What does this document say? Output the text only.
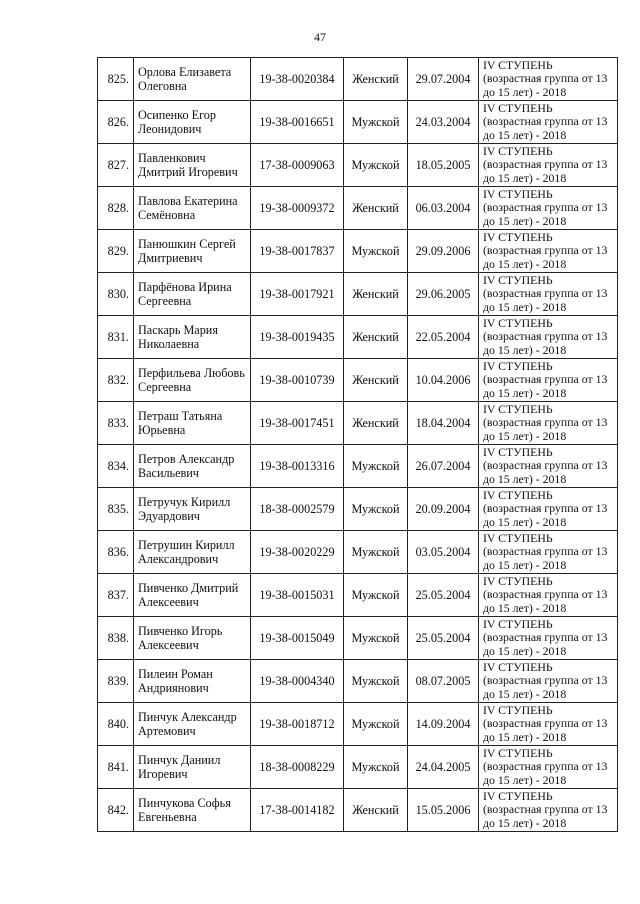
47
825.	Орлова Елизавета Олеговна	19-38-0020384	Женский	29.07.2004	IV СТУПЕНЬ (возрастная группа от 13 до 15 лет) - 2018
826.	Осипенко Егор Леонидович	19-38-0016651	Мужской	24.03.2004	IV СТУПЕНЬ (возрастная группа от 13 до 15 лет) - 2018
827.	Павленкович Дмитрий Игоревич	17-38-0009063	Мужской	18.05.2005	IV СТУПЕНЬ (возрастная группа от 13 до 15 лет) - 2018
828.	Павлова Екатерина Семёновна	19-38-0009372	Женский	06.03.2004	IV СТУПЕНЬ (возрастная группа от 13 до 15 лет) - 2018
829.	Панюшкин Сергей Дмитриевич	19-38-0017837	Мужской	29.09.2006	IV СТУПЕНЬ (возрастная группа от 13 до 15 лет) - 2018
830.	Парфёнова Ирина Сергеевна	19-38-0017921	Женский	29.06.2005	IV СТУПЕНЬ (возрастная группа от 13 до 15 лет) - 2018
831.	Паскарь Мария Николаевна	19-38-0019435	Женский	22.05.2004	IV СТУПЕНЬ (возрастная группа от 13 до 15 лет) - 2018
832.	Перфильева Любовь Сергеевна	19-38-0010739	Женский	10.04.2006	IV СТУПЕНЬ (возрастная группа от 13 до 15 лет) - 2018
833.	Петраш Татьяна Юрьевна	19-38-0017451	Женский	18.04.2004	IV СТУПЕНЬ (возрастная группа от 13 до 15 лет) - 2018
834.	Петров Александр Васильевич	19-38-0013316	Мужской	26.07.2004	IV СТУПЕНЬ (возрастная группа от 13 до 15 лет) - 2018
835.	Петручук Кирилл Эдуардович	18-38-0002579	Мужской	20.09.2004	IV СТУПЕНЬ (возрастная группа от 13 до 15 лет) - 2018
836.	Петрушин Кирилл Александрович	19-38-0020229	Мужской	03.05.2004	IV СТУПЕНЬ (возрастная группа от 13 до 15 лет) - 2018
837.	Пивченко Дмитрий Алексеевич	19-38-0015031	Мужской	25.05.2004	IV СТУПЕНЬ (возрастная группа от 13 до 15 лет) - 2018
838.	Пивченко Игорь Алексеевич	19-38-0015049	Мужской	25.05.2004	IV СТУПЕНЬ (возрастная группа от 13 до 15 лет) - 2018
839.	Пилеин Роман Андриянович	19-38-0004340	Мужской	08.07.2005	IV СТУПЕНЬ (возрастная группа от 13 до 15 лет) - 2018
840.	Пинчук Александр Артемович	19-38-0018712	Мужской	14.09.2004	IV СТУПЕНЬ (возрастная группа от 13 до 15 лет) - 2018
841.	Пинчук Даниил Игоревич	18-38-0008229	Мужской	24.04.2005	IV СТУПЕНЬ (возрастная группа от 13 до 15 лет) - 2018
842.	Пинчукова Софья Евгеньевна	17-38-0014182	Женский	15.05.2006	IV СТУПЕНЬ (возрастная группа от 13 до 15 лет) - 2018
